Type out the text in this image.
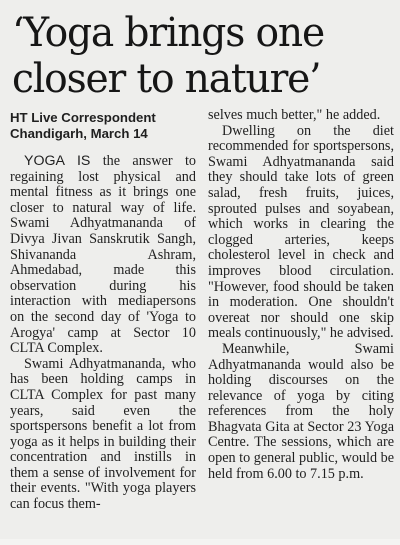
‘Yoga brings one
closer to nature’
HT Live Correspondent
Chandigarh, March 14

YOGA IS the answer to regaining lost physical and mental fitness as it brings one closer to natural way of life. Swami Adhyatmananda of Divya Jivan Sanskrutik Sangh, Shivananda Ashram, Ahmedabad, made this observation during his interaction with mediapersons on the second day of 'Yoga to Arogya' camp at Sector 10 CLTA Complex.

Swami Adhyatmananda, who has been holding camps in CLTA Complex for past many years, said even the sportspersons benefit a lot from yoga as it helps in building their concentration and instills in them a sense of involvement for their events. "With yoga players can focus them-

selves much better," he added.

Dwelling on the diet recommended for sportspersons, Swami Adhyatmananda said they should take lots of green salad, fresh fruits, juices, sprouted pulses and soyabean, which works in clearing the clogged arteries, keeps cholesterol level in check and improves blood circulation. "However, food should be taken in moderation. One shouldn't overeat nor should one skip meals continuously," he advised.

Meanwhile, Swami Adhyatmananda would also be holding discourses on the relevance of yoga by citing references from the holy Bhagvata Gita at Sector 23 Yoga Centre. The sessions, which are open to general public, would be held from 6.00 to 7.15 p.m.
